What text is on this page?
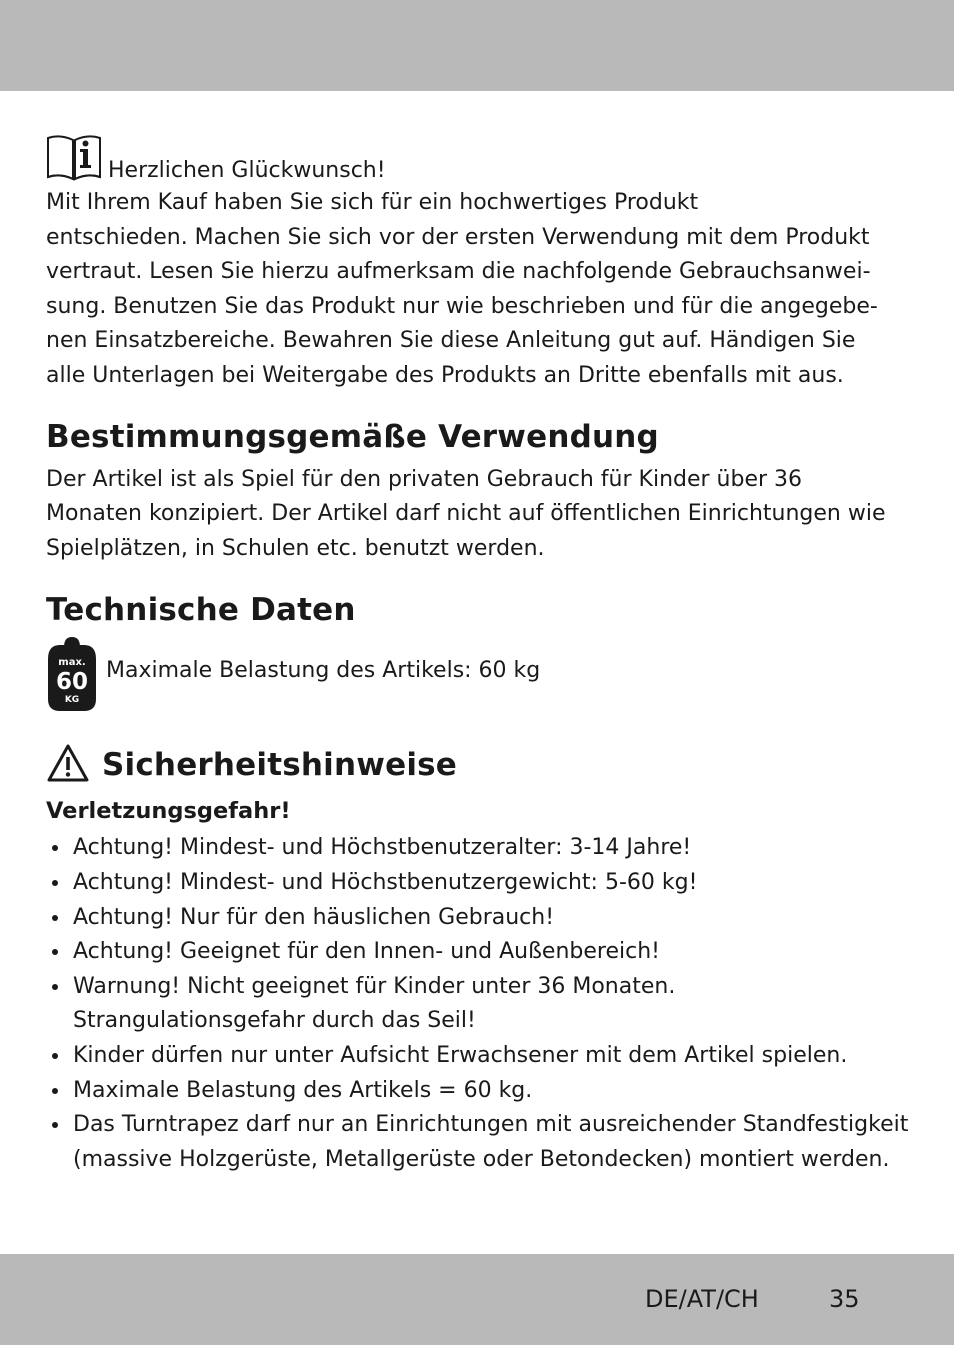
Herzlichen Glückwunsch!

Mit Ihrem Kauf haben Sie sich für ein hochwertiges Produkt
entschieden. Machen Sie sich vor der ersten Verwendung mit dem Produkt
vertraut. Lesen Sie hierzu aufmerksam die nachfolgende Gebrauchsanwei-
sung. Benutzen Sie das Produkt nur wie beschrieben und für die angegebe-
nen Einsatzbereiche. Bewahren Sie diese Anleitung gut auf. Händigen Sie
alle Unterlagen bei Weitergabe des Produkts an Dritte ebenfalls mit aus.

Bestimmungsgemäße Verwendung

Der Artikel ist als Spiel für den privaten Gebrauch für Kinder über 36
Monaten konzipiert. Der Artikel darf nicht auf öffentlichen Einrichtungen wie
Spielplätzen, in Schulen etc. benutzt werden.

Technische Daten
max.
60
KG
Maximale Belastung des Artikels: 60 kg
Sicherheitshinweise
Verletzungsgefahr!
Achtung! Mindest- und Höchstbenutzeralter: 3-14 Jahre!
Achtung! Mindest- und Höchstbenutzergewicht: 5-60 kg!
Achtung! Nur für den häuslichen Gebrauch!
Achtung! Geeignet für den Innen- und Außenbereich!
Warnung! Nicht geeignet für Kinder unter 36 Monaten.
Strangulationsgefahr durch das Seil!
Kinder dürfen nur unter Aufsicht Erwachsener mit dem Artikel spielen.
Maximale Belastung des Artikels = 60 kg.
Das Turntrapez darf nur an Einrichtungen mit ausreichender Standfestigkeit
(massive Holzgerüste, Metallgerüste oder Betondecken) montiert werden.
DE/AT/CH	35
